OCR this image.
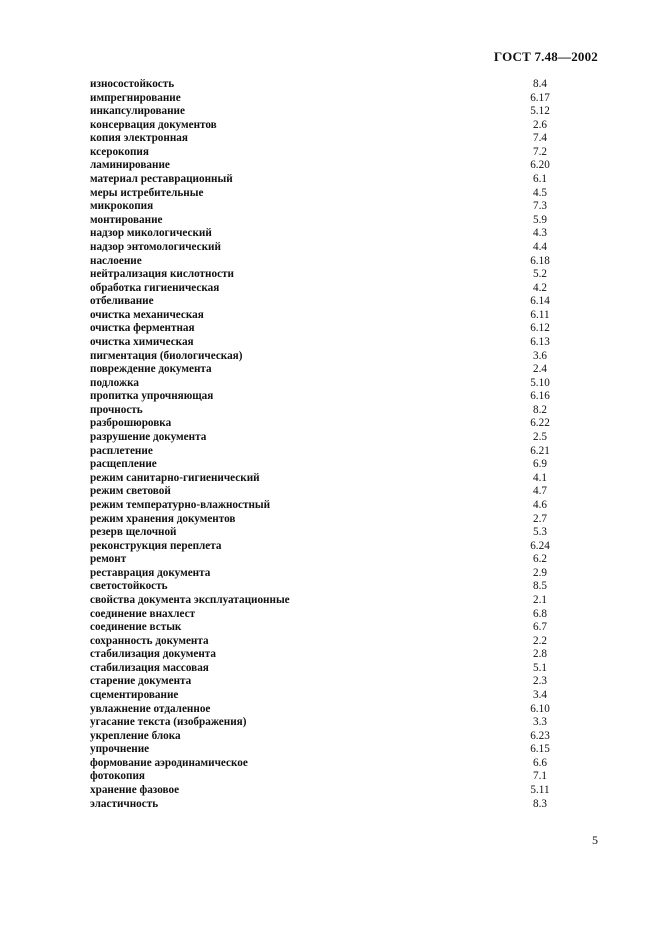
ГОСТ 7.48—2002
износостойкость	8.4
импрегнирование	6.17
инкапсулирование	5.12
консервация документов	2.6
копия электронная	7.4
ксерокопия	7.2
ламинирование	6.20
материал реставрационный	6.1
меры истребительные	4.5
микрокопия	7.3
монтирование	5.9
надзор микологический	4.3
надзор энтомологический	4.4
наслоение	6.18
нейтрализация кислотности	5.2
обработка гигиеническая	4.2
отбеливание	6.14
очистка механическая	6.11
очистка ферментная	6.12
очистка химическая	6.13
пигментация (биологическая)	3.6
повреждение документа	2.4
подложка	5.10
пропитка упрочняющая	6.16
прочность	8.2
разброшюровка	6.22
разрушение документа	2.5
расплетение	6.21
расщепление	6.9
режим санитарно-гигиенический	4.1
режим световой	4.7
режим температурно-влажностный	4.6
режим хранения документов	2.7
резерв щелочной	5.3
реконструкция переплета	6.24
ремонт	6.2
реставрация документа	2.9
светостойкость	8.5
свойства документа эксплуатационные	2.1
соединение внахлест	6.8
соединение встык	6.7
сохранность документа	2.2
стабилизация документа	2.8
стабилизация массовая	5.1
старение документа	2.3
сцементирование	3.4
увлажнение отдаленное	6.10
угасание текста (изображения)	3.3
укрепление блока	6.23
упрочнение	6.15
формование аэродинамическое	6.6
фотокопия	7.1
хранение фазовое	5.11
эластичность	8.3
5
